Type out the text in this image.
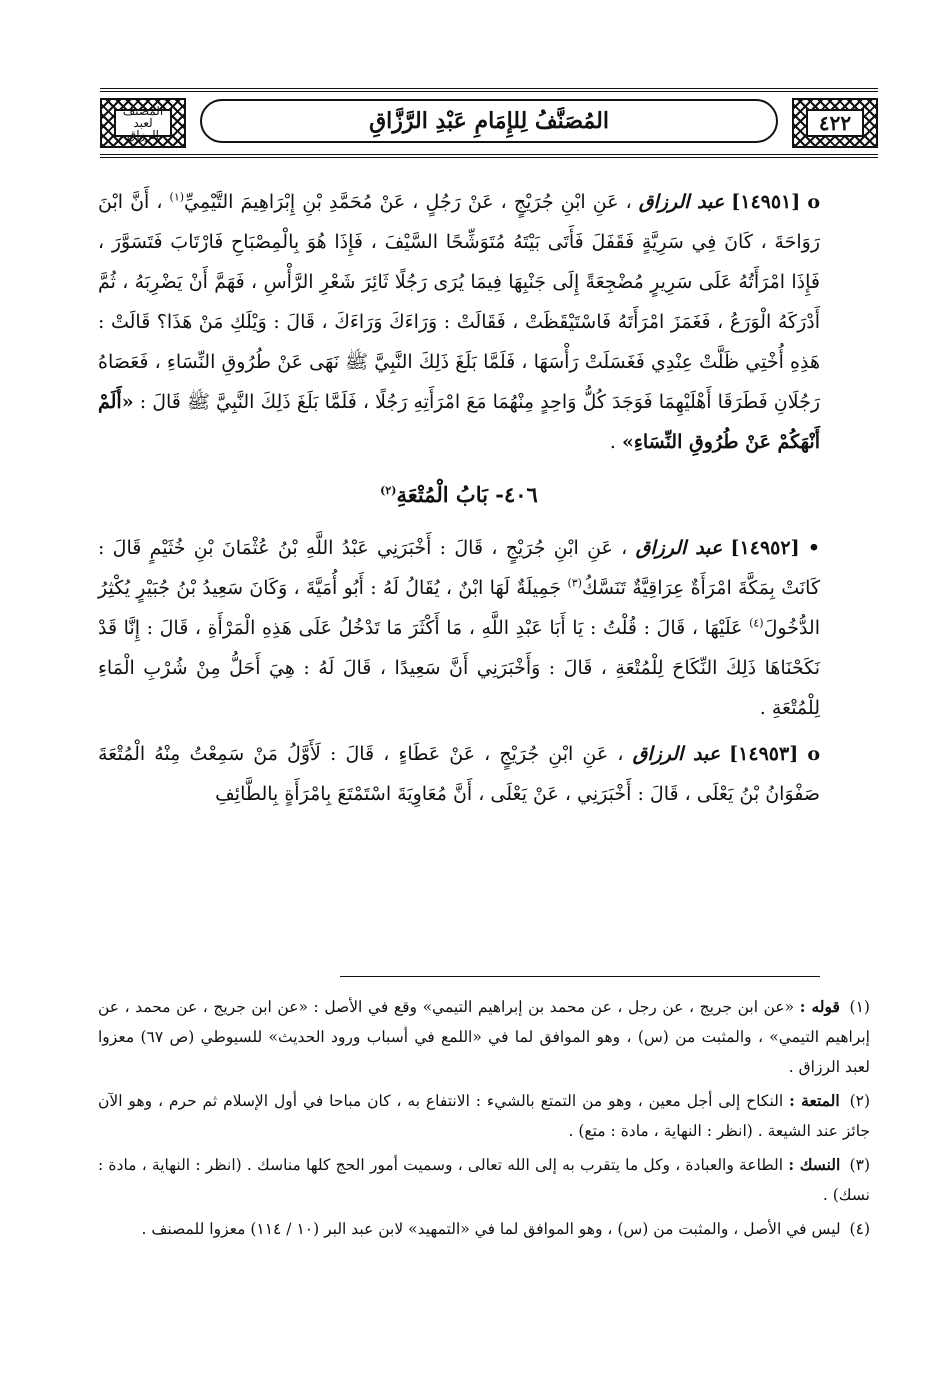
المصنف لعبد الرزاق
المُصَنَّفُ لِلإِمَامِ عَبْدِ الرَّزَّاقِ	٤٢٢

o [١٤٩٥١] عبد الرزاق ، عَنِ ابْنِ جُرَيْجٍ ، عَنْ رَجُلٍ ، عَنْ مُحَمَّدِ بْنِ إِبْرَاهِيمَ التَّيْمِيِّ$^{(١)}$ ، أَنَّ ابْنَ رَوَاحَةَ ، كَانَ فِي سَرِيَّةٍ فَقَفَلَ فَأَتَى بَيْتَهُ مُتَوَشِّحًا السَّيْفَ ، فَإِذَا هُوَ بِالْمِصْبَاحِ فَارْتَابَ فَتَسَوَّرَ ، فَإِذَا امْرَأَتُهُ عَلَى سَرِيرٍ مُضْجِعَةً إِلَى جَنْبِهَا فِيمَا يُرَى رَجُلًا ثَائِرَ شَعْرِ الرَّأْسِ ، فَهَمَّ أَنْ يَضْرِبَهُ ، ثُمَّ أَدْرَكَهُ الْوَرَعُ ، فَغَمَزَ امْرَأَتَهُ فَاسْتَيْقَظَتْ ، فَقَالَتْ : وَرَاءَكَ وَرَاءَكَ ، قَالَ : وَيْلَكِ مَنْ هَذَا؟ قَالَتْ : هَذِهِ أُخْتِي ظَلَّتْ عِنْدِي فَغَسَلَتْ رَأْسَهَا ، فَلَمَّا بَلَغَ ذَلِكَ النَّبِيَّ ﷺ نَهَى عَنْ طُرُوقِ النِّسَاءِ ، فَعَصَاهُ رَجُلَانِ فَطَرَقَا أَهْلَيْهِمَا فَوَجَدَ كُلُّ وَاحِدٍ مِنْهُمَا مَعَ امْرَأَتِهِ رَجُلًا ، فَلَمَّا بَلَغَ ذَلِكَ النَّبِيَّ ﷺ قَالَ : «أَلَمْ أَنْهَكُمْ عَنْ طُرُوقِ النِّسَاءِ» .

٤٠٦- بَابُ الْمُتْعَةِ$^{(٢)}$

• [١٤٩٥٢] عبد الرزاق ، عَنِ ابْنِ جُرَيْجٍ ، قَالَ : أَخْبَرَنِي عَبْدُ اللَّهِ بْنُ عُثْمَانَ بْنِ خُثَيْمٍ قَالَ : كَانَتْ بِمَكَّةَ امْرَأَةٌ عِرَاقِيَّةٌ تَنَسَّكُ$^{(٣)}$ جَمِيلَةٌ لَهَا ابْنٌ ، يُقَالُ لَهُ : أَبُو أُمَيَّةَ ، وَكَانَ سَعِيدُ بْنُ جُبَيْرٍ يُكْثِرُ الدُّخُولَ$^{(٤)}$ عَلَيْهَا ، قَالَ : قُلْتُ : يَا أَبَا عَبْدِ اللَّهِ ، مَا أَكْثَرَ مَا تَدْخُلُ عَلَى هَذِهِ الْمَرْأَةِ ، قَالَ : إِنَّا قَدْ نَكَحْنَاهَا ذَلِكَ النِّكَاحَ لِلْمُتْعَةِ ، قَالَ : وَأَخْبَرَنِي أَنَّ سَعِيدًا ، قَالَ لَهُ : هِيَ أَحَلُّ مِنْ شُرْبِ الْمَاءِ لِلْمُتْعَةِ .

o [١٤٩٥٣] عبد الرزاق ، عَنِ ابْنِ جُرَيْجٍ ، عَنْ عَطَاءٍ ، قَالَ : لَأَوَّلُ مَنْ سَمِعْتُ مِنْهُ الْمُتْعَةَ صَفْوَانُ بْنُ يَعْلَى ، قَالَ : أَخْبَرَنِي ، عَنْ يَعْلَى ، أَنَّ مُعَاوِيَةَ اسْتَمْتَعَ بِامْرَأَةٍ بِالطَّائِفِ

(١) قوله : «عن ابن جريج ، عن رجل ، عن محمد بن إبراهيم التيمي» وقع في الأصل : «عن ابن جريج ، عن محمد ، عن إبراهيم التيمي» ، والمثبت من (س) ، وهو الموافق لما في «اللمع في أسباب ورود الحديث» للسيوطي (ص ٦٧) معزوا لعبد الرزاق .

(٢) المتعة : النكاح إلى أجل معين ، وهو من التمتع بالشيء : الانتفاع به ، كان مباحا في أول الإسلام ثم حرم ، وهو الآن جائز عند الشيعة . (انظر : النهاية ، مادة : متع) .

(٣) النسك : الطاعة والعبادة ، وكل ما يتقرب به إلى الله تعالى ، وسميت أمور الحج كلها مناسك . (انظر : النهاية ، مادة : نسك) .

(٤) ليس في الأصل ، والمثبت من (س) ، وهو الموافق لما في «التمهيد» لابن عبد البر (١٠ / ١١٤) معزوا للمصنف .
